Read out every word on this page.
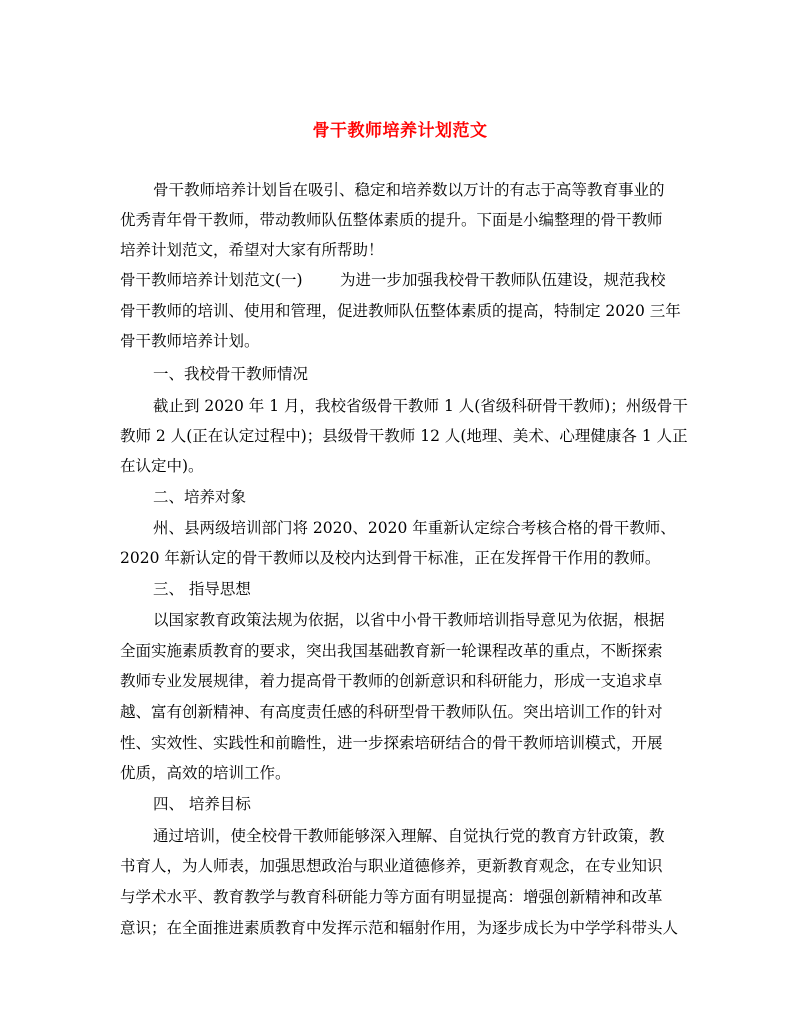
骨干教师培养计划范文

骨干教师培养计划旨在吸引、稳定和培养数以万计的有志于高等教育事业的

优秀青年骨干教师，带动教师队伍整体素质的提升。下面是小编整理的骨干教师

培养计划范文，希望对大家有所帮助！

骨干教师培养计划范文(一) 为进一步加强我校骨干教师队伍建设，规范我校

骨干教师的培训、使用和管理，促进教师队伍整体素质的提高，特制定 2020 三年

骨干教师培养计划。

一、我校骨干教师情况

截止到 2020 年 1 月，我校省级骨干教师 1 人(省级科研骨干教师)；州级骨干

教师 2 人(正在认定过程中)；县级骨干教师 12 人(地理、美术、心理健康各 1 人正

在认定中)。

二、培养对象

州、县两级培训部门将 2020、2020 年重新认定综合考核合格的骨干教师、

2020 年新认定的骨干教师以及校内达到骨干标准，正在发挥骨干作用的教师。

三、 指导思想

以国家教育政策法规为依据，以省中小骨干教师培训指导意见为依据，根据

全面实施素质教育的要求，突出我国基础教育新一轮课程改革的重点，不断探索

教师专业发展规律，着力提高骨干教师的创新意识和科研能力，形成一支追求卓

越、富有创新精神、有高度责任感的科研型骨干教师队伍。突出培训工作的针对

性、实效性、实践性和前瞻性，进一步探索培研结合的骨干教师培训模式，开展

优质，高效的培训工作。

四、 培养目标

通过培训，使全校骨干教师能够深入理解、自觉执行党的教育方针政策，教

书育人，为人师表，加强思想政治与职业道德修养，更新教育观念，在专业知识

与学术水平、教育教学与教育科研能力等方面有明显提高：增强创新精神和改革

意识；在全面推进素质教育中发挥示范和辐射作用，为逐步成长为中学学科带头人
